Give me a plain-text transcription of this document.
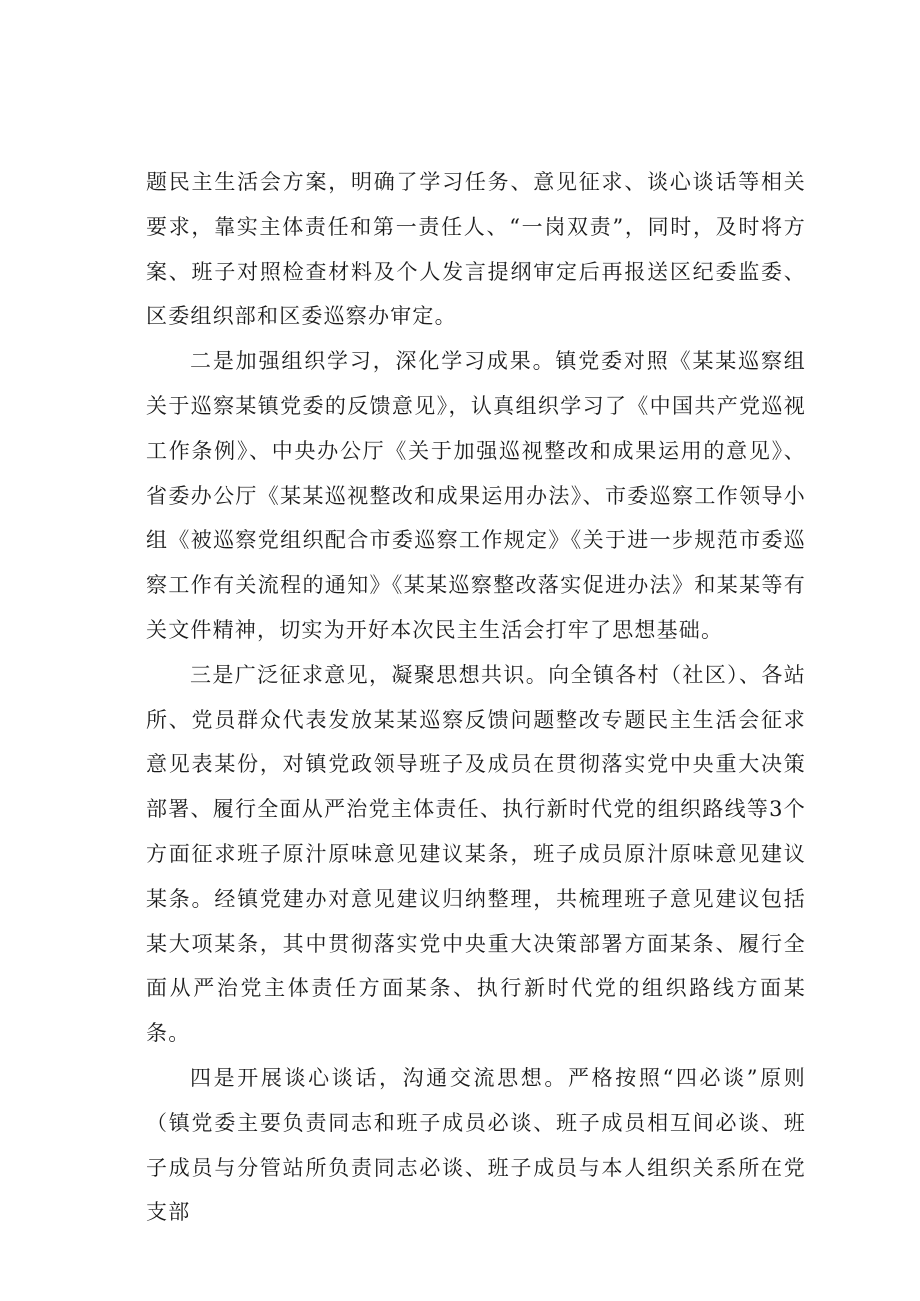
题民主生活会方案，明确了学习任务、意见征求、谈心谈话等相关要求，靠实主体责任和第一责任人、“一岗双责”，同时，及时将方案、班子对照检查材料及个人发言提纲审定后再报送区纪委监委、区委组织部和区委巡察办审定。

二是加强组织学习，深化学习成果。镇党委对照《某某巡察组关于巡察某镇党委的反馈意见》，认真组织学习了《中国共产党巡视工作条例》、中央办公厅《关于加强巡视整改和成果运用的意见》、省委办公厅《某某巡视整改和成果运用办法》、市委巡察工作领导小组《被巡察党组织配合市委巡察工作规定》《关于进一步规范市委巡察工作有关流程的通知》《某某巡察整改落实促进办法》和某某等有关文件精神，切实为开好本次民主生活会打牢了思想基础。

三是广泛征求意见，凝聚思想共识。向全镇各村（社区）、各站所、党员群众代表发放某某巡察反馈问题整改专题民主生活会征求意见表某份，对镇党政领导班子及成员在贯彻落实党中央重大决策部署、履行全面从严治党主体责任、执行新时代党的组织路线等3个方面征求班子原汁原味意见建议某条，班子成员原汁原味意见建议某条。经镇党建办对意见建议归纳整理，共梳理班子意见建议包括某大项某条，其中贯彻落实党中央重大决策部署方面某条、履行全面从严治党主体责任方面某条、执行新时代党的组织路线方面某条。

四是开展谈心谈话，沟通交流思想。严格按照“四必谈”原则（镇党委主要负责同志和班子成员必谈、班子成员相互间必谈、班子成员与分管站所负责同志必谈、班子成员与本人组织关系所在党支部
